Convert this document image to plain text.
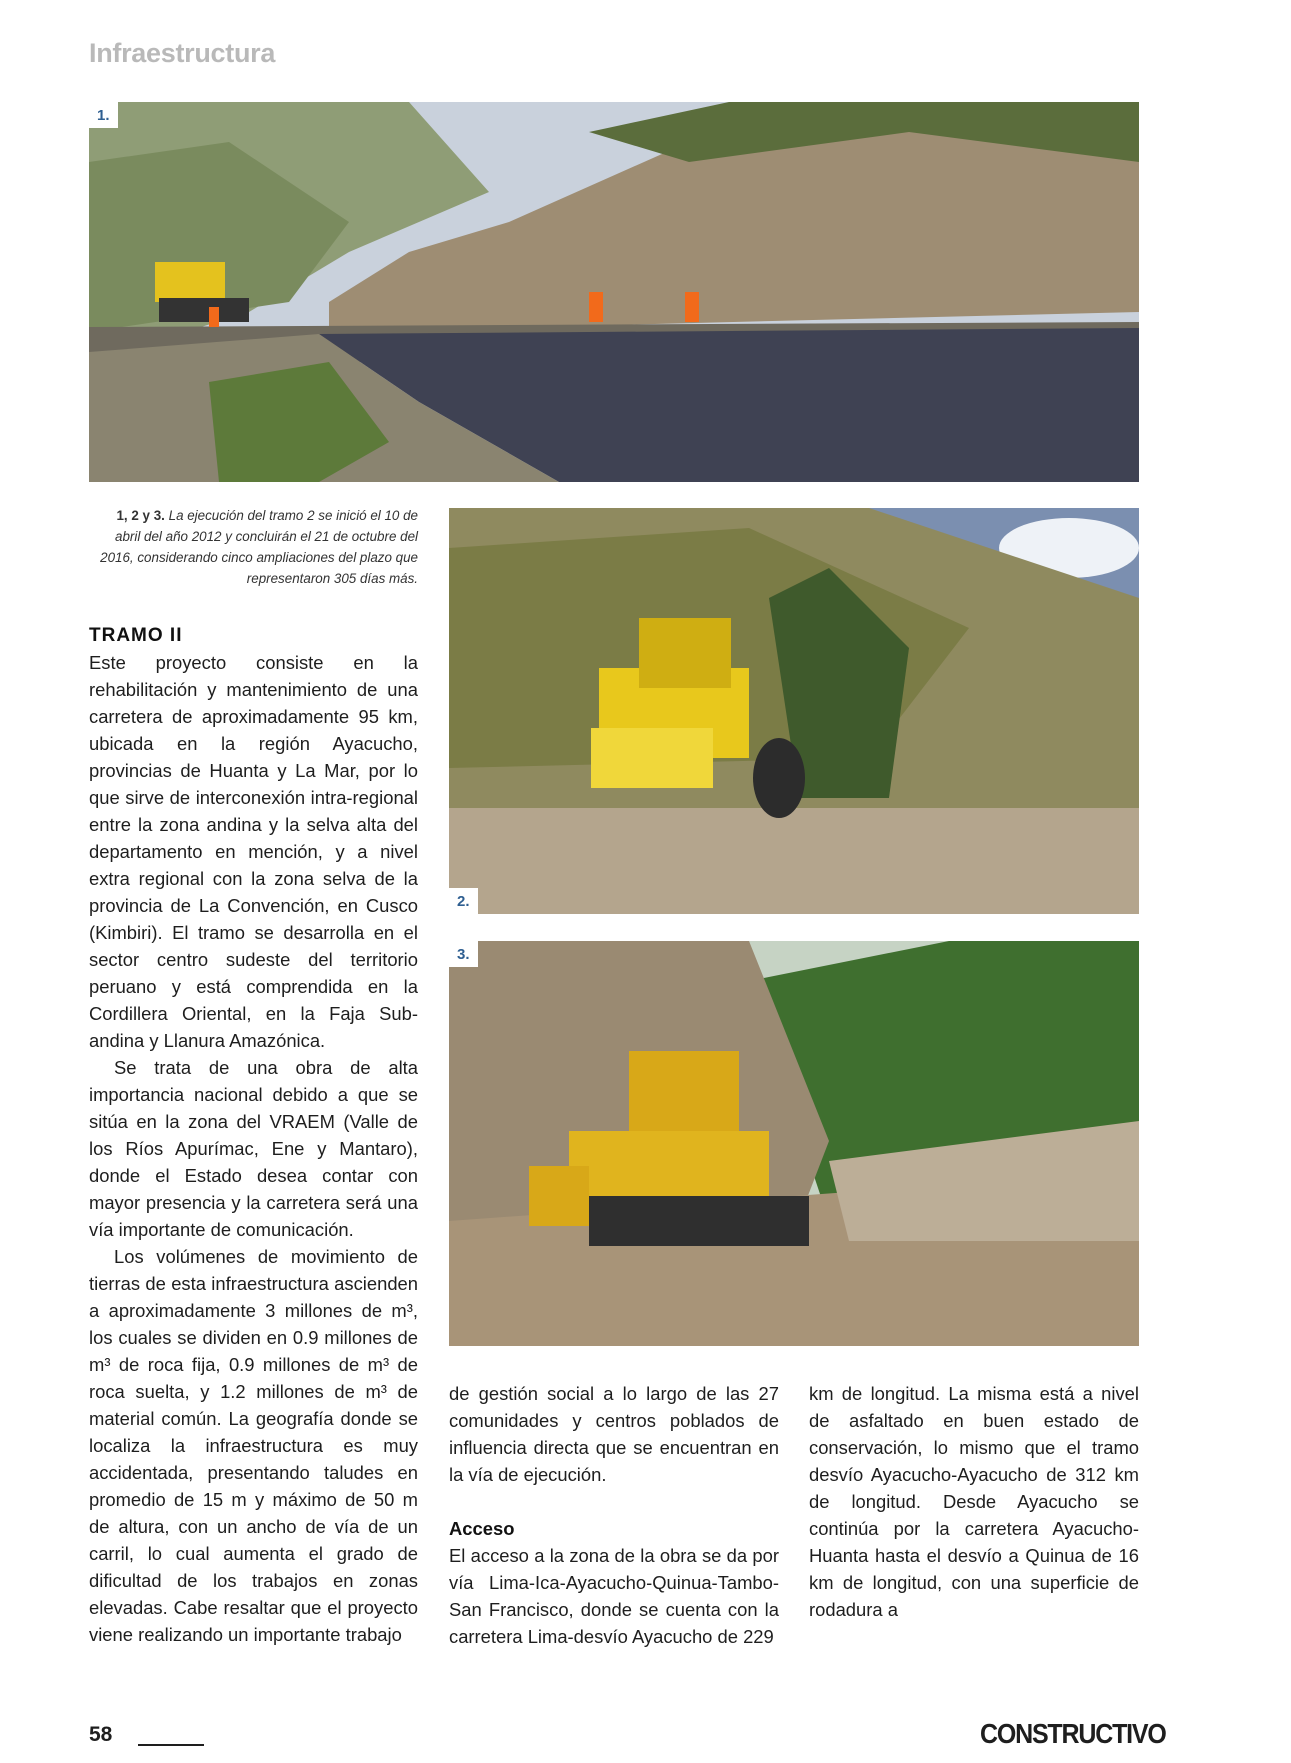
Infraestructura
1.

1, 2 y 3. La ejecución del tramo 2 se inició el 10 de abril del año 2012 y concluirán el 21 de octubre del 2016, considerando cinco ampliaciones del plazo que representaron 305 días más.

2.
3.
TRAMO II

Este proyecto consiste en la rehabilitación y mantenimiento de una carretera de aproximadamente 95 km, ubicada en la región Ayacucho, provincias de Huanta y La Mar, por lo que sirve de interconexión intra-regional entre la zona andina y la selva alta del departamento en mención, y a nivel extra regional con la zona selva de la provincia de La Convención, en Cusco (Kimbiri). El tramo se desarrolla en el sector centro sudeste del territorio peruano y está comprendida en la Cordillera Oriental, en la Faja Sub-andina y Llanura Amazónica.

Se trata de una obra de alta importancia nacional debido a que se sitúa en la zona del VRAEM (Valle de los Ríos Apurímac, Ene y Mantaro), donde el Estado desea contar con mayor presencia y la carretera será una vía importante de comunicación.

Los volúmenes de movimiento de tierras de esta infraestructura ascienden a aproximadamente 3 millones de m³, los cuales se dividen en 0.9 millones de m³ de roca fija, 0.9 millones de m³ de roca suelta, y 1.2 millones de m³ de material común. La geografía donde se localiza la infraestructura es muy accidentada, presentando taludes en promedio de 15 m y máximo de 50 m de altura, con un ancho de vía de un carril, lo cual aumenta el grado de dificultad de los trabajos en zonas elevadas. Cabe resaltar que el proyecto viene realizando un importante trabajo

de gestión social a lo largo de las 27 comunidades y centros poblados de influencia directa que se encuentran en la vía de ejecución.

Acceso

El acceso a la zona de la obra se da por vía Lima-Ica-Ayacucho-Quinua-Tambo-San Francisco, donde se cuenta con la carretera Lima-desvío Ayacucho de 229

km de longitud. La misma está a nivel de asfaltado en buen estado de conservación, lo mismo que el tramo desvío Ayacucho-Ayacucho de 312 km de longitud. Desde Ayacucho se continúa por la carretera Ayacucho-Huanta hasta el desvío a Quinua de 16 km de longitud, con una superficie de rodadura a

58	CONSTRUCTIVO
